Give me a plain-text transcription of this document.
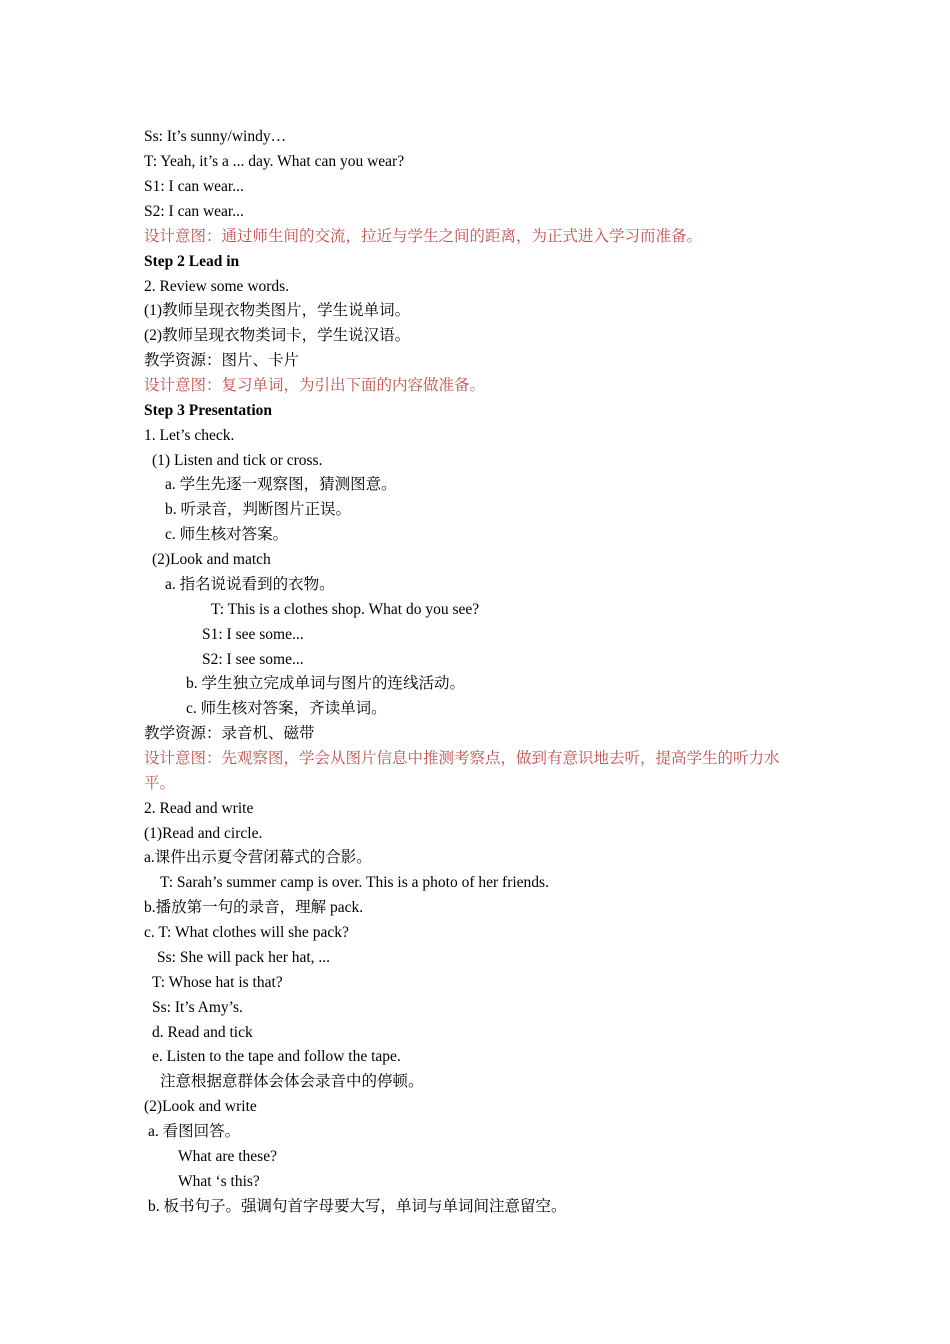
Ss: It’s sunny/windy…
T: Yeah, it’s a ... day. What can you wear?
S1: I can wear...
S2: I can wear...
设计意图：通过师生间的交流，拉近与学生之间的距离，为正式进入学习而准备。
Step 2 Lead in
2. Review some words.
(1)教师呈现衣物类图片，学生说单词。
(2)教师呈现衣物类词卡，学生说汉语。
教学资源：图片、卡片
设计意图：复习单词，为引出下面的内容做准备。
Step 3 Presentation
1. Let’s check.
(1) Listen and tick or cross.
a. 学生先逐一观察图，猜测图意。
b. 听录音，判断图片正误。
c. 师生核对答案。
(2)Look and match
a. 指名说说看到的衣物。
T: This is a clothes shop. What do you see?
S1: I see some...
S2: I see some...
b. 学生独立完成单词与图片的连线活动。
c. 师生核对答案，齐读单词。
教学资源：录音机、磁带
设计意图：先观察图，学会从图片信息中推测考察点，做到有意识地去听，提高学生的听力水
平。
2. Read and write
(1)Read and circle.
a.课件出示夏令营闭幕式的合影。
T: Sarah’s summer camp is over. This is a photo of her friends.
b.播放第一句的录音，理解 pack.
c. T: What clothes will she pack?
Ss: She will pack her hat, ...
T: Whose hat is that?
Ss: It’s Amy’s.
d. Read and tick
e. Listen to the tape and follow the tape.
注意根据意群体会体会录音中的停顿。
(2)Look and write
a. 看图回答。
What are these?
What ‘s this?
b. 板书句子。强调句首字母要大写，单词与单词间注意留空。
